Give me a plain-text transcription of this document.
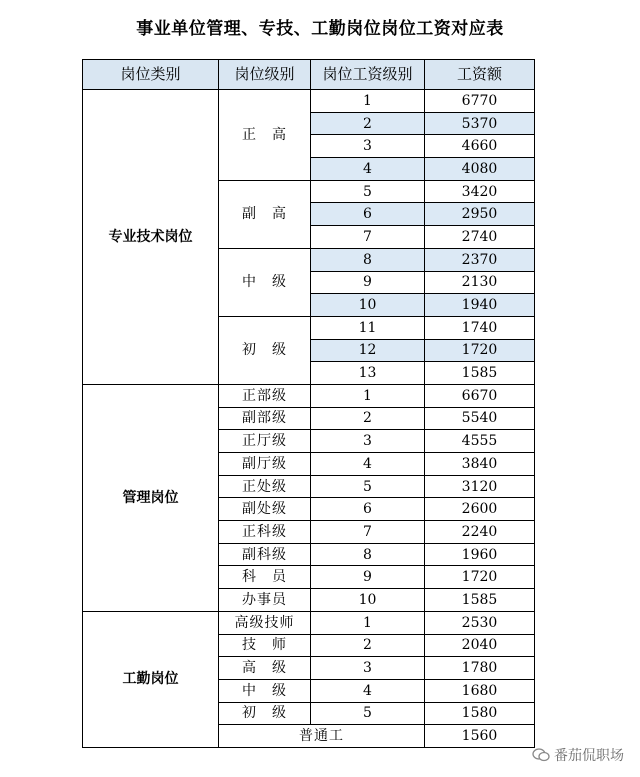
事业单位管理、专技、工勤岗位岗位工资对应表
岗位类别	岗位级别	岗位工资级别	工资额
专业技术岗位	正　高	1	6770
		2	5370
		3	4660
		4	4080
	副　高	5	3420
		6	2950
		7	2740
	中　级	8	2370
		9	2130
		10	1940
	初　级	11	1740
		12	1720
		13	1585
管理岗位	正部级	1	6670
	副部级	2	5540
	正厅级	3	4555
	副厅级	4	3840
	正处级	5	3120
	副处级	6	2600
	正科级	7	2240
	副科级	8	1960
	科　员	9	1720
	办事员	10	1585
工勤岗位	高级技师	1	2530
	技　师	2	2040
	高　级	3	1780
	中　级	4	1680
	初　级	5	1580
	普通工		1560
番茄侃职场
